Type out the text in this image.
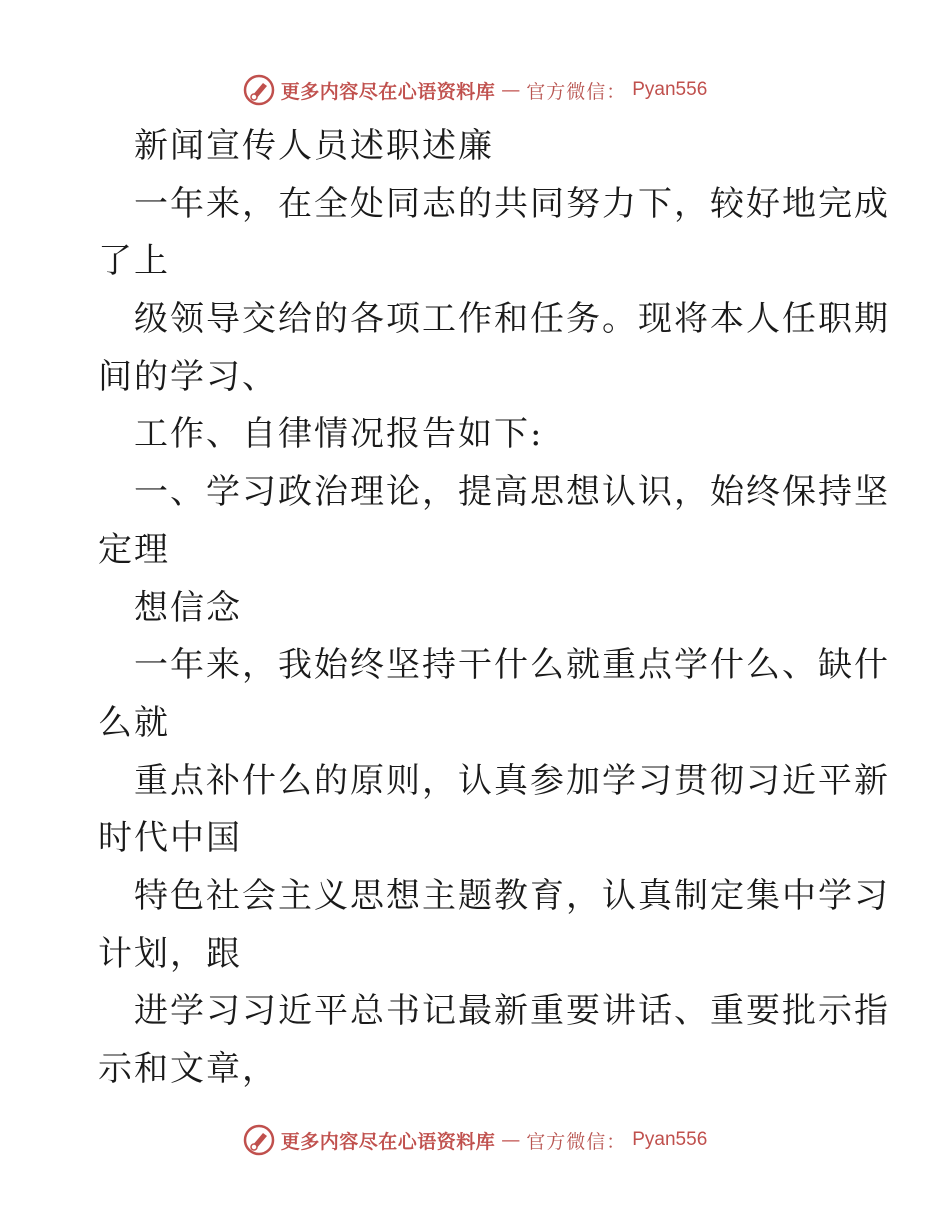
更多内容尽在心语资料库 — 官方微信： Pyan556
新闻宣传人员述职述廉
一年来，在全处同志的共同努力下，较好地完成
了上
级领导交给的各项工作和任务。现将本人任职期
间的学习、
工作、自律情况报告如下:
一、学习政治理论，提高思想认识，始终保持坚
定理
想信念
一年来，我始终坚持干什么就重点学什么、缺什
么就
重点补什么的原则，认真参加学习贯彻习近平新
时代中国
特色社会主义思想主题教育，认真制定集中学习
计划，跟
进学习习近平总书记最新重要讲话、重要批示指
示和文章，
更多内容尽在心语资料库 — 官方微信： Pyan556
